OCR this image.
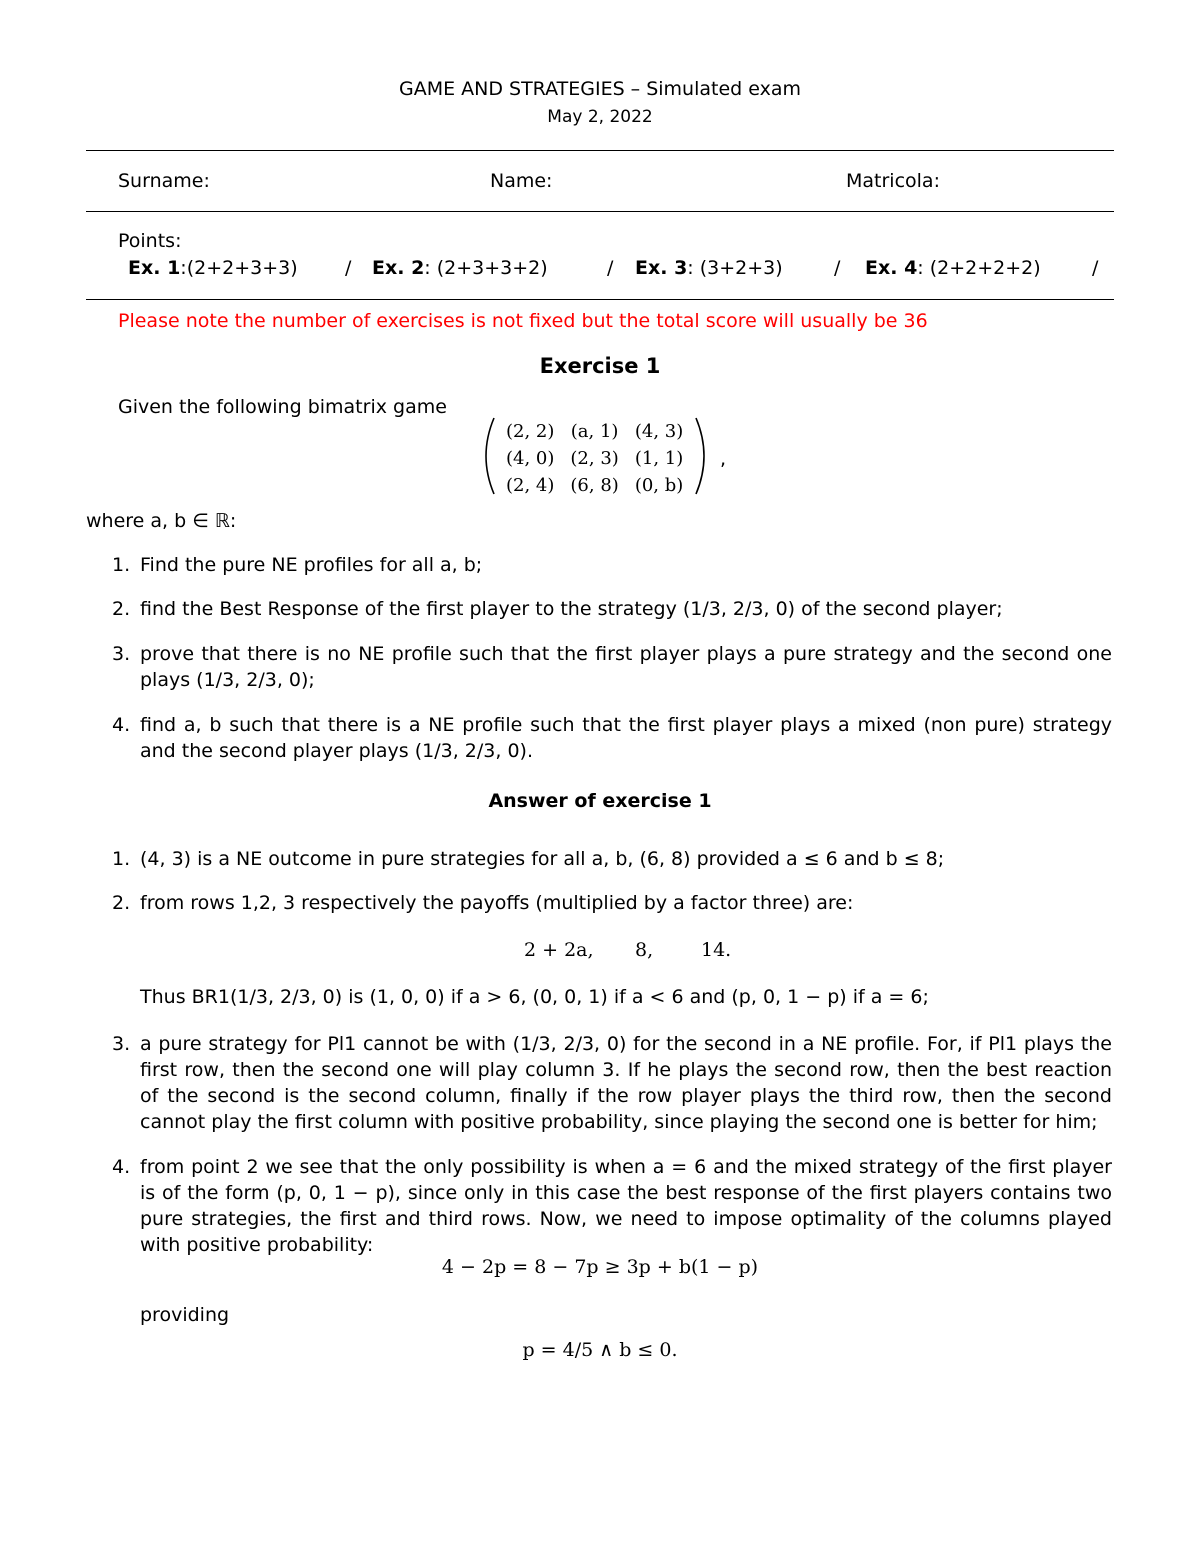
GAME AND STRATEGIES – Simulated exam
May 2, 2022
Surname:	Name:	Matricola:
Points:
Ex. 1:(2+2+3+3) / Ex. 2: (2+3+3+2)	/ Ex. 3: (3+2+3)	/ Ex. 4: (2+2+2+2)	/
Please note the number of exercises is not fixed but the total score will usually be 36
Exercise 1
Given the following bimatrix game
(2, 2)	(a, 1)	(4, 3)
(4, 0)	(2, 3)	(1, 1)
(2, 4)	(6, 8)	(0, b)
,
where a, b ∈ ℝ:
1. Find the pure NE profiles for all a, b;
2. find the Best Response of the first player to the strategy (1/3, 2/3, 0) of the second player;
3. prove that there is no NE profile such that the first player plays a pure strategy and the second one plays (1/3, 2/3, 0);
4. find a, b such that there is a NE profile such that the first player plays a mixed (non pure) strategy and the second player plays (1/3, 2/3, 0).
Answer of exercise 1
1. (4, 3) is a NE outcome in pure strategies for all a, b, (6, 8) provided a ≤ 6 and b ≤ 8;
2. from rows 1,2, 3 respectively the payoffs (multiplied by a factor three) are:
2 + 2a, 8,	14.
Thus BR1(1/3, 2/3, 0) is (1, 0, 0) if a > 6, (0, 0, 1) if a < 6 and (p, 0, 1 − p) if a = 6;
3. a pure strategy for Pl1 cannot be with (1/3, 2/3, 0) for the second in a NE profile. For, if Pl1 plays the first row, then the second one will play column 3. If he plays the second row, then the best reaction of the second is the second column, finally if the row player plays the third row, then the second cannot play the first column with positive probability, since playing the second one is better for him;
4. from point 2 we see that the only possibility is when a = 6 and the mixed strategy of the first player is of the form (p, 0, 1 − p), since only in this case the best response of the first players contains two pure strategies, the first and third rows. Now, we need to impose optimality of the columns played with positive probability:
4 − 2p = 8 − 7p ≥ 3p + b(1 − p)
providing
p = 4/5 ∧ b ≤ 0.
